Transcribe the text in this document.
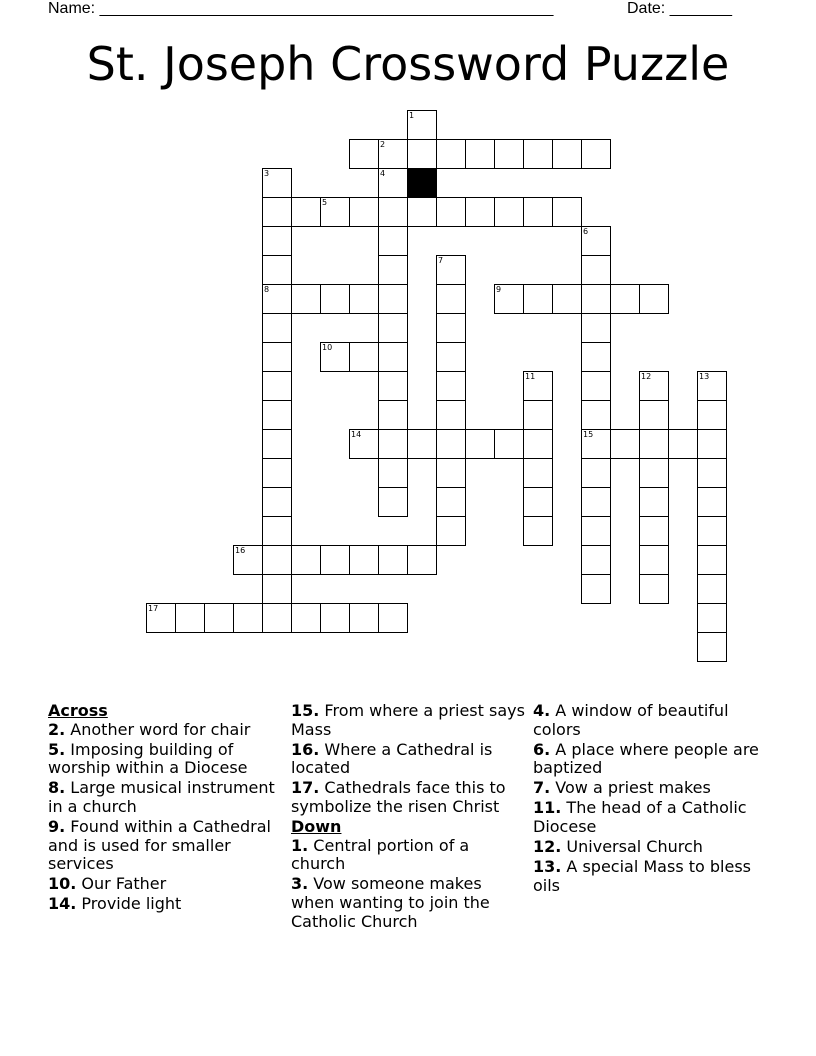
Name: ___________________________________________________	Date: _______
St. Joseph Crossword Puzzle
1
2
3
8
4
5
6
15
7
9
10
11	12	13
14
16
17
Across
2. Another word for chair
5. Imposing building of worship within a Diocese
8. Large musical instrument in a church
9. Found within a Cathedral and is used for smaller services
10. Our Father
14. Provide light
15. From where a priest says Mass
16. Where a Cathedral is located
17. Cathedrals face this to symbolize the risen Christ
Down
1. Central portion of a church
3. Vow someone makes when wanting to join the Catholic Church
4. A window of beautiful colors
6. A place where people are baptized
7. Vow a priest makes
11. The head of a Catholic Diocese
12. Universal Church
13. A special Mass to bless oils
